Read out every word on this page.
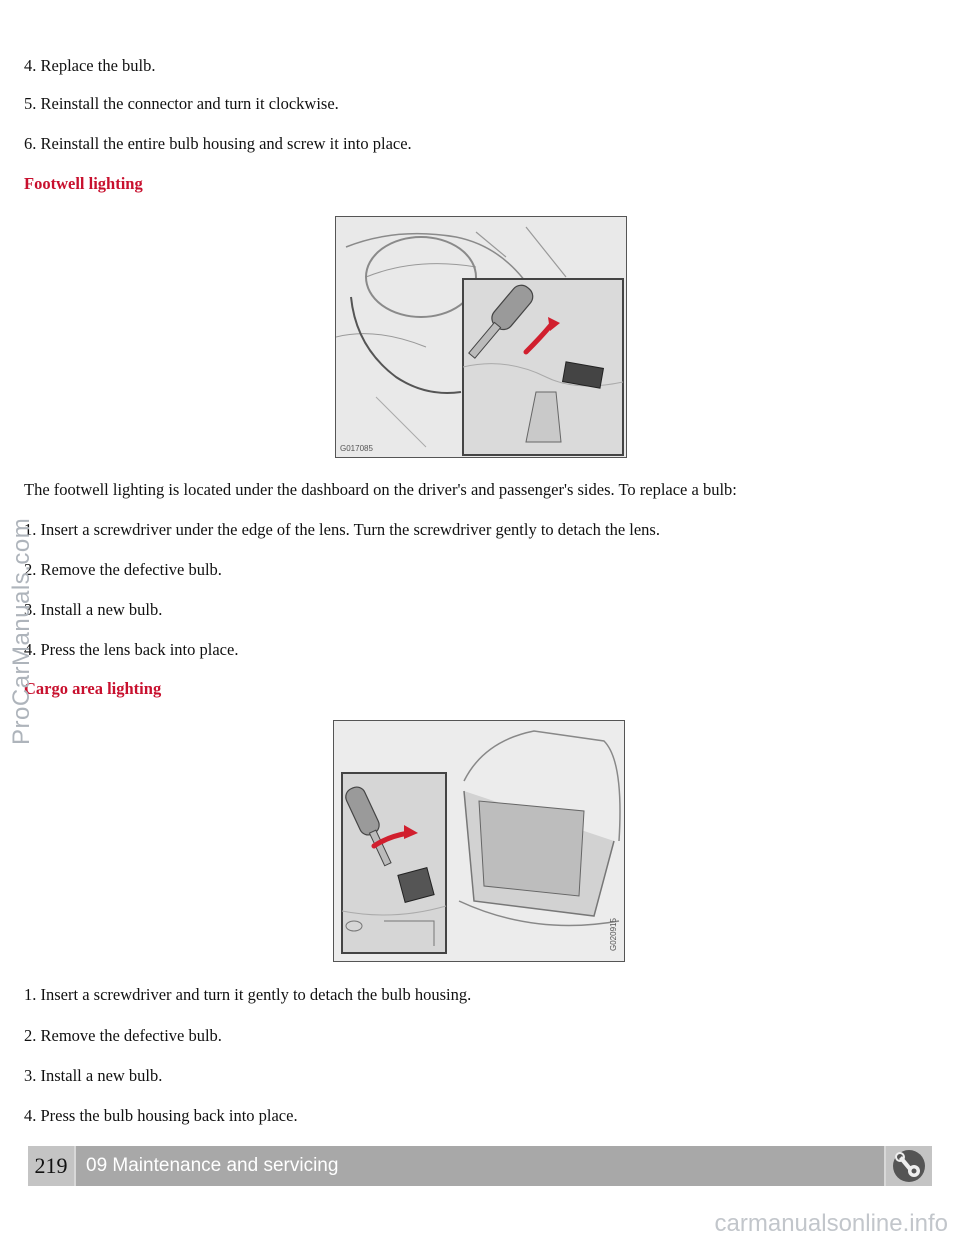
4. Replace the bulb.
5. Reinstall the connector and turn it clockwise.
6. Reinstall the entire bulb housing and screw it into place.
Footwell lighting
G017085
The footwell lighting is located under the dashboard on the driver's and passenger's sides. To replace a bulb:
1. Insert a screwdriver under the edge of the lens. Turn the screwdriver gently to detach the lens.
2. Remove the defective bulb.
3. Install a new bulb.
4. Press the lens back into place.
Cargo area lighting
G020915
1. Insert a screwdriver and turn it gently to detach the bulb housing.
2. Remove the defective bulb.
3. Install a new bulb.
4. Press the bulb housing back into place.
ProCarManuals.com
219 09 Maintenance and servicing
carmanualsonline.info
